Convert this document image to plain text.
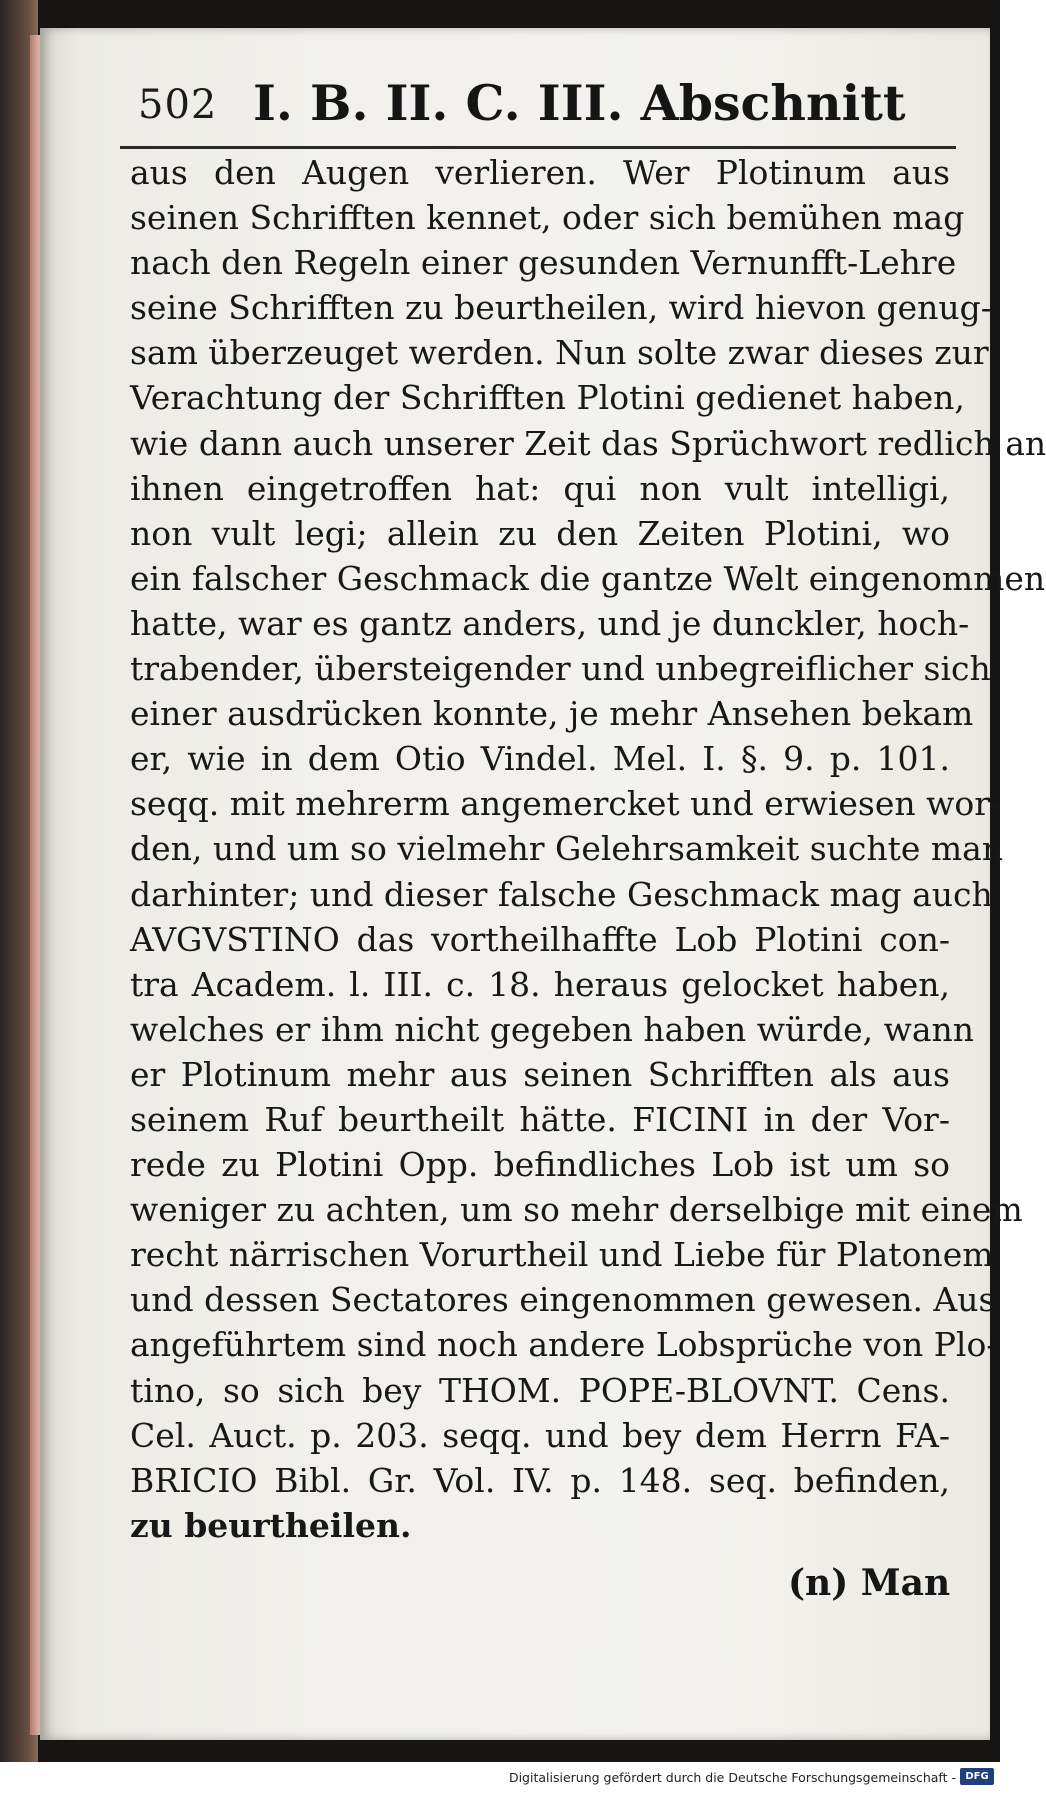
502 I. B. II. C. III. Abschnitt
aus den Augen verlieren. Wer Plotinum aus
seinen Schrifften kennet, oder sich bemühen mag
nach den Regeln einer gesunden Vernunfft-Lehre
seine Schrifften zu beurtheilen, wird hievon genug-
sam überzeuget werden. Nun solte zwar dieses zur
Verachtung der Schrifften Plotini gedienet haben,
wie dann auch unserer Zeit das Sprüchwort redlich an
ihnen eingetroffen hat: qui non vult intelligi,
non vult legi; allein zu den Zeiten Plotini, wo
ein falscher Geschmack die gantze Welt eingenommen
hatte, war es gantz anders, und je dunckler, hoch-
trabender, übersteigender und unbegreiflicher sich
einer ausdrücken konnte, je mehr Ansehen bekam
er, wie in dem Otio Vindel. Mel. I. §. 9. p. 101.
seqq. mit mehrerm angemercket und erwiesen wor-
den, und um so vielmehr Gelehrsamkeit suchte man
darhinter; und dieser falsche Geschmack mag auch
AVGVSTINO das vortheilhaffte Lob Plotini con-
tra Academ. l. III. c. 18. heraus gelocket haben,
welches er ihm nicht gegeben haben würde, wann
er Plotinum mehr aus seinen Schrifften als aus
seinem Ruf beurtheilt hätte. FICINI in der Vor-
rede zu Plotini Opp. befindliches Lob ist um so
weniger zu achten, um so mehr derselbige mit einem
recht närrischen Vorurtheil und Liebe für Platonem
und dessen Sectatores eingenommen gewesen. Aus
angeführtem sind noch andere Lobsprüche von Plo-
tino, so sich bey THOM. POPE-BLOVNT. Cens.
Cel. Auct. p. 203. seqq. und bey dem Herrn FA-
BRICIO Bibl. Gr. Vol. IV. p. 148. seq. befinden,
zu beurtheilen.
(n) Man
Digitalisierung gefördert durch die Deutsche Forschungsgemeinschaft - DFG
